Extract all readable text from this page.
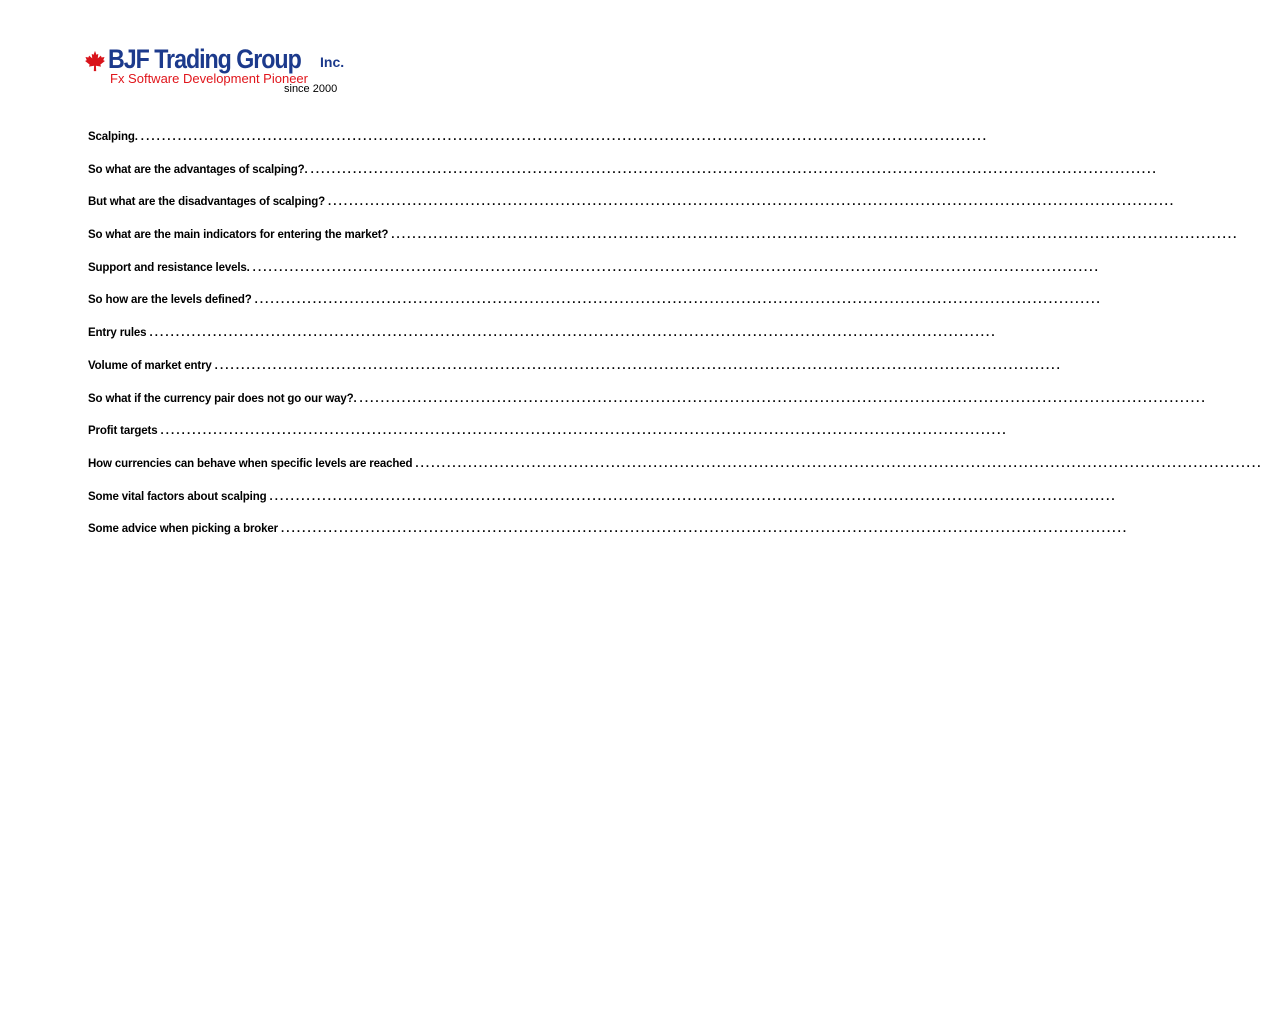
BJF Trading Group Inc.
Fx Software Development Pioneer
since 2000
Scalping. ................................................................................................................................................................
So what are the advantages of scalping?. ................................................................................................................................................................
But what are the disadvantages of scalping? ................................................................................................................................................................
So what are the main indicators for entering the market? ................................................................................................................................................................
Support and resistance levels. ................................................................................................................................................................
So how are the levels defined? ................................................................................................................................................................
Entry rules ................................................................................................................................................................
Volume of market entry ................................................................................................................................................................
So what if the currency pair does not go our way?. ................................................................................................................................................................
Profit targets ................................................................................................................................................................
How currencies can behave when specific levels are reached ................................................................................................................................................................
Some vital factors about scalping ................................................................................................................................................................
Some advice when picking a broker ................................................................................................................................................................
